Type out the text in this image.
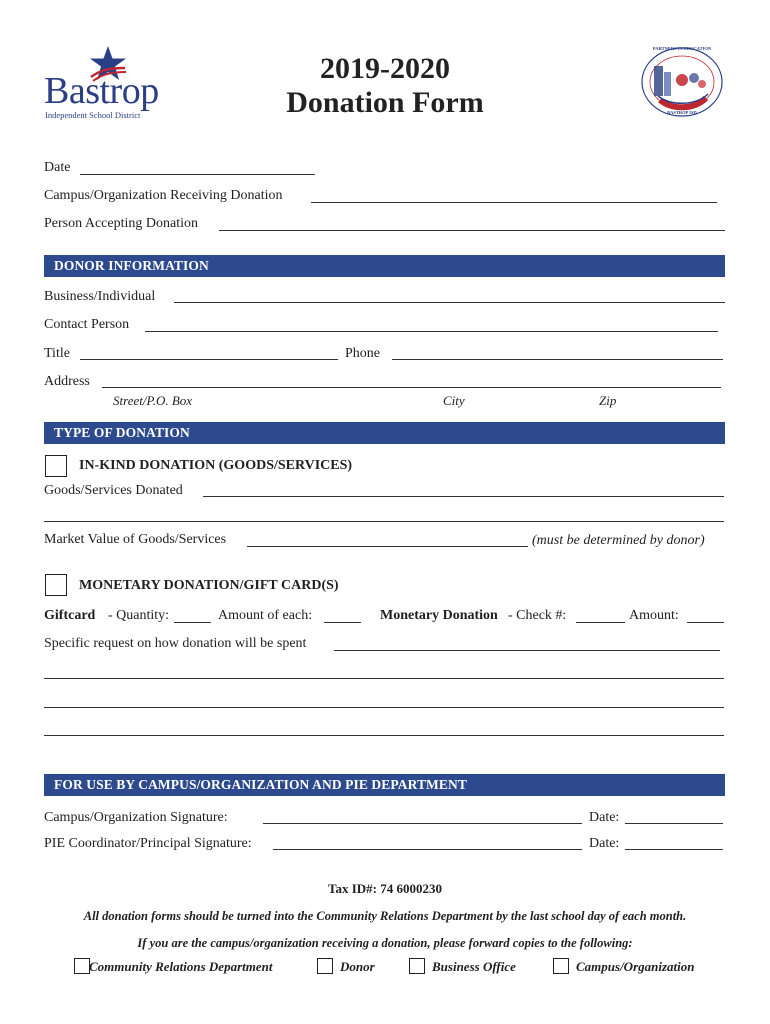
Bastrop
Independent School District
2019-2020
Donation Form
PARTNERS IN EDUCATION
BASTROP ISD
Date
Campus/Organization Receiving Donation
Person Accepting Donation
DONOR INFORMATION
Business/Individual
Contact Person
Title	Phone
Address
Street/P.O. Box	City	Zip
TYPE OF DONATION
IN-KIND DONATION (GOODS/SERVICES)
Goods/Services Donated
Market Value of Goods/Services	(must be determined by donor)
MONETARY DONATION/GIFT CARD(S)
Giftcard - Quantity:	Amount of each:	Monetary Donation - Check #:	Amount:
Specific request on how donation will be spent
FOR USE BY CAMPUS/ORGANIZATION AND PIE DEPARTMENT
Campus/Organization Signature:	Date:
PIE Coordinator/Principal Signature:	Date:
Tax ID#: 74 6000230
All donation forms should be turned into the Community Relations Department by the last school day of each month.
If you are the campus/organization receiving a donation, please forward copies to the following:
Community Relations Department	Donor	Business Office	Campus/Organization
